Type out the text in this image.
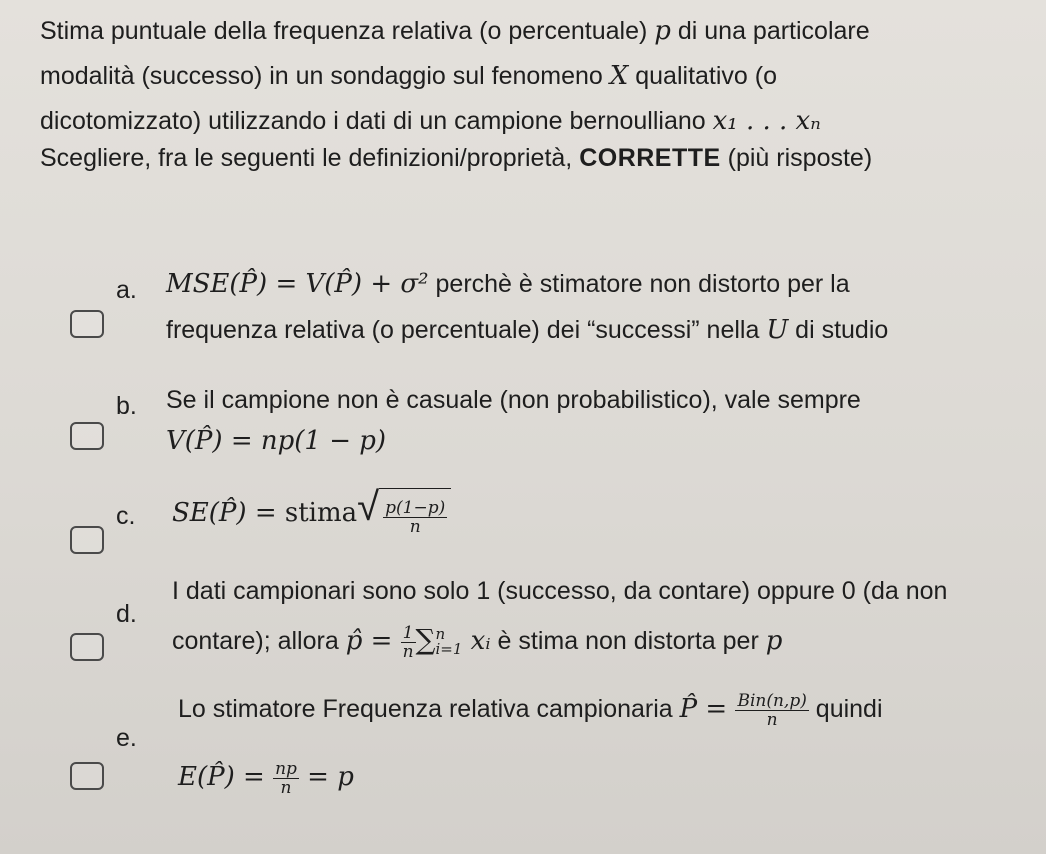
Stima puntuale della frequenza relativa (o percentuale) p di una particolare
modalità (successo) in un sondaggio sul fenomeno X qualitativo (o
dicotomizzato) utilizzando i dati di un campione bernoulliano x₁ . . . xₙ
Scegliere, fra le seguenti le definizioni/proprietà, CORRETTE (più risposte)
a. MSE(P̂) = V(P̂) + σ² perchè è stimatore non distorto per la
frequenza relativa (o percentuale) dei “successi” nella U di studio
b. Se il campione non è casuale (non probabilistico), vale sempre
V(P̂) = np(1 − p)
c. SE(P̂) = stima √ $\frac{p(1-p)}{n}$
d.
I dati campionari sono solo 1 (successo, da contare) oppure 0 (da non
contare); allora p̂ = $\frac{1}{n}$ ∑ n
i=1 xᵢ è stima non distorta per p
e.
Lo stimatore Frequenza relativa campionaria P̂ = $\frac{\text{Bin(n,p)}}{n}$ quindi
E(P̂) = $\frac{np}{n} = p$
